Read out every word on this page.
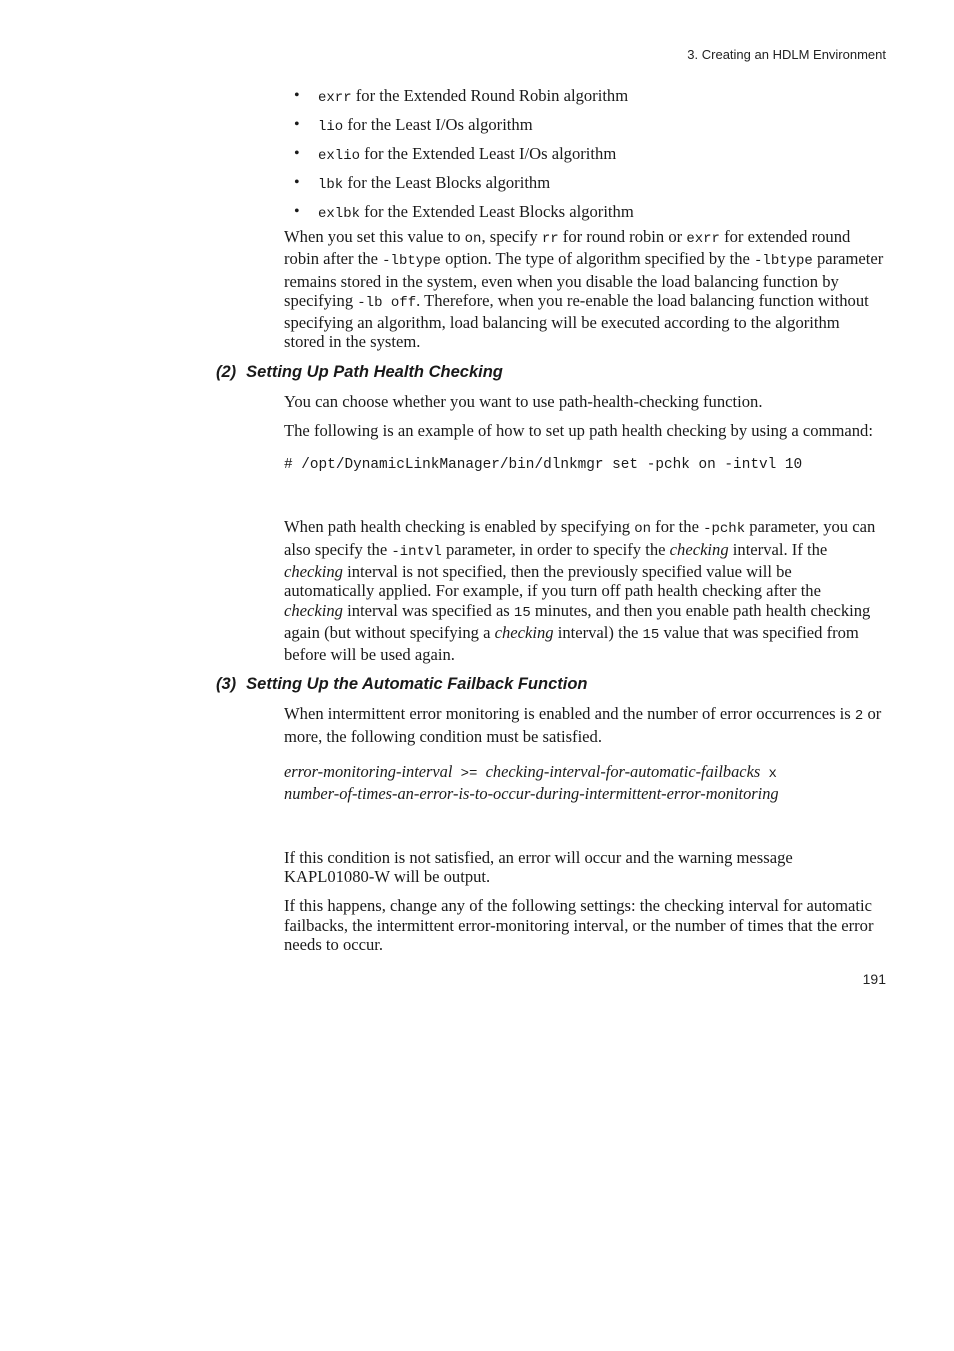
3. Creating an HDLM Environment
• exrr for the Extended Round Robin algorithm
• lio for the Least I/Os algorithm
• exlio for the Extended Least I/Os algorithm
• lbk for the Least Blocks algorithm
• exlbk for the Extended Least Blocks algorithm

When you set this value to on, specify rr for round robin or exrr for extended round robin after the -lbtype option. The type of algorithm specified by the -lbtype parameter remains stored in the system, even when you disable the load balancing function by specifying -lb off. Therefore, when you re-enable the load balancing function without specifying an algorithm, load balancing will be executed according to the algorithm stored in the system.

(2) Setting Up Path Health Checking

You can choose whether you want to use path-health-checking function.

The following is an example of how to set up path health checking by using a command:

# /opt/DynamicLinkManager/bin/dlnkmgr set -pchk on -intvl 10

When path health checking is enabled by specifying on for the -pchk parameter, you can also specify the -intvl parameter, in order to specify the checking interval. If the checking interval is not specified, then the previously specified value will be automatically applied. For example, if you turn off path health checking after the checking interval was specified as 15 minutes, and then you enable path health checking again (but without specifying a checking interval) the 15 value that was specified from before will be used again.

(3) Setting Up the Automatic Failback Function

When intermittent error monitoring is enabled and the number of error occurrences is 2 or more, the following condition must be satisfied.

error-monitoring-interval >= checking-interval-for-automatic-failbacks x
number-of-times-an-error-is-to-occur-during-intermittent-error-monitoring

If this condition is not satisfied, an error will occur and the warning message KAPL01080-W will be output.

If this happens, change any of the following settings: the checking interval for automatic failbacks, the intermittent error-monitoring interval, or the number of times that the error needs to occur.

191
